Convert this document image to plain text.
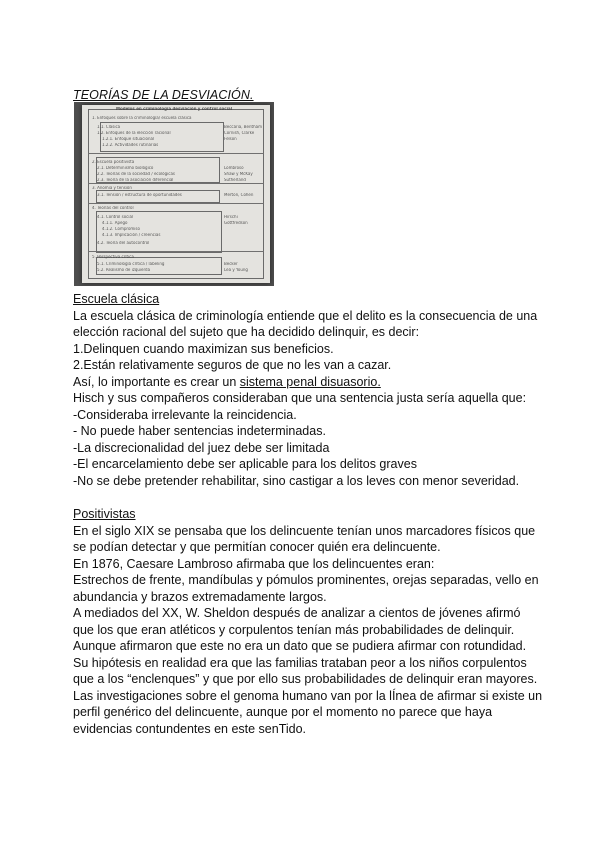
TEORÍAS DE LA DESVIACIÓN.
Modelos en criminología desviación y control social
1. Enfoques sobre la criminología/ escuela clásica
1.1. Clásica	Beccaria, Bentham
1.2. Enfoques de la elección racional	Cornish, Clarke
1.2.1. Enfoque situacional	Felson
1.2.2. Actividades rutinarias
2. Escuela positivista
2.1. Determinismo biológico	Lombroso
2.2. Teorías de la sociedad / ecológicas	Shaw y McKay
2.3. Teoría de la asociación diferencial	Sutherland
3. Anomia y tensión
3.1. Tensión / estructura de oportunidades	Merton, Cohen
4. Teorías del control
4.1. Control social	Hirschi
4.1.1. Apego	Gottfredson
4.1.2. Compromiso
4.1.3. Implicación / creencias
4.2. Teoría del autocontrol
5. Perspectiva crítica
5.1. Criminología crítica / labeling	Becker
5.2. Realismo de izquierda	Lea y Young

Escuela clásica

La escuela clásica de criminología entiende que el delito es la consecuencia de una

elección racional del sujeto que ha decidido delinquir, es decir:

1.Delinquen cuando maximizan sus beneficios.

2.Están relativamente seguros de que no les van a cazar.

Así, lo importante es crear un sistema penal disuasorio.

Hisch y sus compañeros consideraban que una sentencia justa sería aquella que:

-Consideraba irrelevante la reincidencia.

- No puede haber sentencias indeterminadas.

-La discrecionalidad del juez debe ser limitada

-El encarcelamiento debe ser aplicable para los delitos graves

-No se debe pretender rehabilitar, sino castigar a los leves con menor severidad.

Positivistas

En el siglo XIX se pensaba que los delincuente tenían unos marcadores físicos que

se podían detectar y que permitían conocer quién era delincuente.

En 1876, Caesare Lambroso afirmaba que los delincuentes eran:

Estrechos de frente, mandíbulas y pómulos prominentes, orejas separadas, vello en

abundancia y brazos extremadamente largos.

A mediados del XX, W. Sheldon después de analizar a cientos de jóvenes afirmó

que los que eran atléticos y corpulentos tenían más probabilidades de delinquir.

Aunque afirmaron que este no era un dato que se pudiera afirmar con rotundidad.

Su hipótesis en realidad era que las familias trataban peor a los niños corpulentos

que a los “enclenques” y que por ello sus probabilidades de delinquir eran mayores.

Las investigaciones sobre el genoma humano van por la lÍnea de afirmar si existe un

perfil genérico del delincuente, aunque por el momento no parece que haya

evidencias contundentes en este senTido.
